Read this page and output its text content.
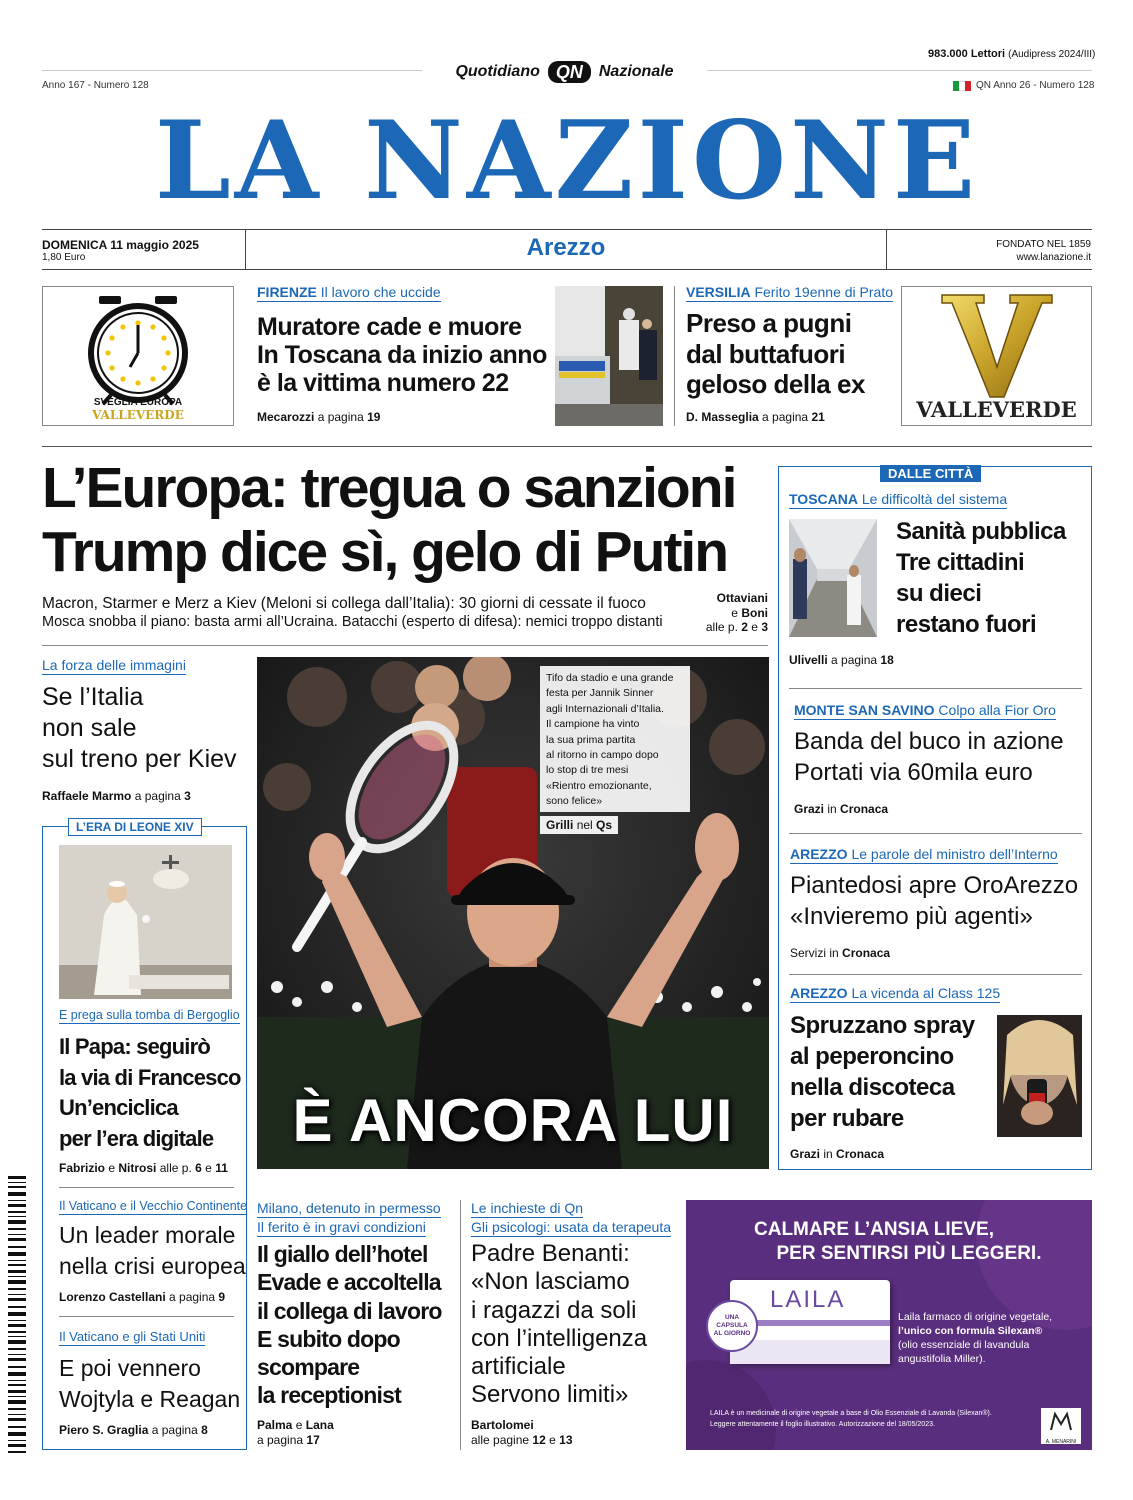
983.000 Lettori (Audipress 2024/III)
Quotidiano QN	Nazionale
Anno 167 - Numero 128	QN Anno 26 - Numero 128
LA NAZIONE
DOMENICA 11 maggio 2025
1,80 Euro	Arezzo	FONDATO NEL 1859
www.lanazione.it
SVEGLIA EUROPA
VALLEVERDE
FIRENZE Il lavoro che uccide
Muratore cade e muore
In Toscana da inizio anno
è la vittima numero 22
Mecarozzi a pagina 19
VERSILIA Ferito 19enne di Prato
Preso a pugni
dal buttafuori
geloso della ex
D. Masseglia a pagina 21	VALLEVERDE
L’Europa: tregua o sanzioni
Trump dice sì, gelo di Putin
Macron, Starmer e Merz a Kiev (Meloni si collega dall’Italia): 30 giorni di cessate il fuoco
Mosca snobba il piano: basta armi all’Ucraina. Batacchi (esperto di difesa): nemici troppo distanti
Ottaviani
e Boni
alle p. 2 e 3
La forza delle immagini
Se l’Italia
non sale
sul treno per Kiev
Raffaele Marmo a pagina 3
L’ERA DI LEONE XIV
E prega sulla tomba di Bergoglio
Il Papa: seguirò
la via di Francesco
Un’enciclica
per l’era digitale
Fabrizio e Nitrosi alle p. 6 e 11
Il Vaticano e il Vecchio Continente
Un leader morale
nella crisi europea
Lorenzo Castellani a pagina 9
Il Vaticano e gli Stati Uniti
E poi vennero
Wojtyla e Reagan
Piero S. Graglia a pagina 8
Tifo da stadio e una grande
festa per Jannik Sinner
agli Internazionali d’Italia.
Il campione ha vinto
la sua prima partita
al ritorno in campo dopo
lo stop di tre mesi
«Rientro emozionante,
sono felice»
Grilli nel Qs
È ANCORA LUI
DALLE CITTÀ
TOSCANA Le difficoltà del sistema
Sanità pubblica
Tre cittadini
su dieci
restano fuori
Ulivelli a pagina 18
MONTE SAN SAVINO Colpo alla Fior Oro
Banda del buco in azione
Portati via 60mila euro
Grazi in Cronaca
AREZZO Le parole del ministro dell’Interno
Piantedosi apre OroArezzo
«Invieremo più agenti»
Servizi in Cronaca
AREZZO La vicenda al Class 125
Spruzzano spray
al peperoncino
nella discoteca
per rubare
Grazi in Cronaca
Milano, detenuto in permesso
Il ferito è in gravi condizioni
Il giallo dell’hotel
Evade e accoltella
il collega di lavoro
E subito dopo
scompare
la receptionist
Palma e Lana
a pagina 17
Le inchieste di Qn
Gli psicologi: usata da terapeuta
Padre Benanti:
«Non lasciamo
i ragazzi da soli
con l’intelligenza
artificiale
Servono limiti»
Bartolomei
alle pagine 12 e 13
CALMARE L’ANSIA LIEVE,
PER SENTIRSI PIÙ LEGGERI.
LAILA
UNA CAPSULA AL GIORNO
Laila farmaco di origine vegetale,
l’unico con formula Silexan®
(olio essenziale di lavandula
angustifolia Miller).
LAILA è un medicinale di origine vegetale a base di Olio Essenziale di Lavanda (Silexan®).
Leggere attentamente il foglio illustrativo. Autorizzazione del 18/05/2023.
A. MENARINI
